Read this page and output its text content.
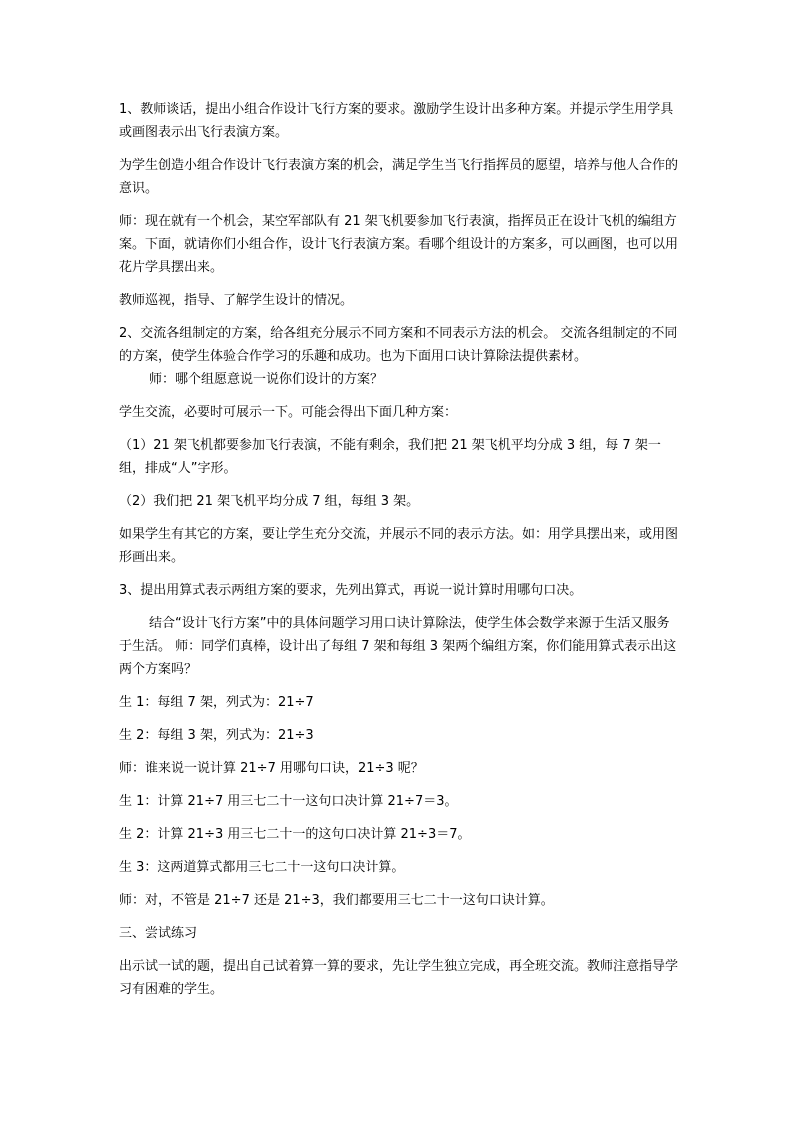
1、教师谈话，提出小组合作设计飞行方案的要求。激励学生设计出多种方案。并提示学生用学具或画图表示出飞行表演方案。

为学生创造小组合作设计飞行表演方案的机会，满足学生当飞行指挥员的愿望，培养与他人合作的意识。

师：现在就有一个机会，某空军部队有 21 架飞机要参加飞行表演，指挥员正在设计飞机的编组方案。下面，就请你们小组合作，设计飞行表演方案。看哪个组设计的方案多，可以画图，也可以用花片学具摆出来。

教师巡视，指导、了解学生设计的情况。

2、交流各组制定的方案，给各组充分展示不同方案和不同表示方法的机会。 交流各组制定的不同的方案，使学生体验合作学习的乐趣和成功。也为下面用口诀计算除法提供素材。

师：哪个组愿意说一说你们设计的方案？

学生交流，必要时可展示一下。可能会得出下面几种方案：

（1）21 架飞机都要参加飞行表演，不能有剩余，我们把 21 架飞机平均分成 3 组，每 7 架一组，排成“人”字形。

（2）我们把 21 架飞机平均分成 7 组，每组 3 架。

如果学生有其它的方案，要让学生充分交流，并展示不同的表示方法。如：用学具摆出来，或用图形画出来。

3、提出用算式表示两组方案的要求，先列出算式，再说一说计算时用哪句口决。

结合“设计飞行方案”中的具体问题学习用口诀计算除法，使学生体会数学来源于生活又服务于生活。 师：同学们真棒，设计出了每组 7 架和每组 3 架两个编组方案，你们能用算式表示出这两个方案吗？

生 1：每组 7 架，列式为：21÷7

生 2：每组 3 架，列式为：21÷3

师：谁来说一说计算 21÷7 用哪句口诀，21÷3 呢？

生 1：计算 21÷7 用三七二十一这句口决计算 21÷7＝3。

生 2：计算 21÷3 用三七二十一的这句口决计算 21÷3＝7。

生 3：这两道算式都用三七二十一这句口决计算。

师：对，不管是 21÷7 还是 21÷3，我们都要用三七二十一这句口诀计算。

三、尝试练习

出示试一试的题，提出自己试着算一算的要求，先让学生独立完成，再全班交流。教师注意指导学习有困难的学生。
